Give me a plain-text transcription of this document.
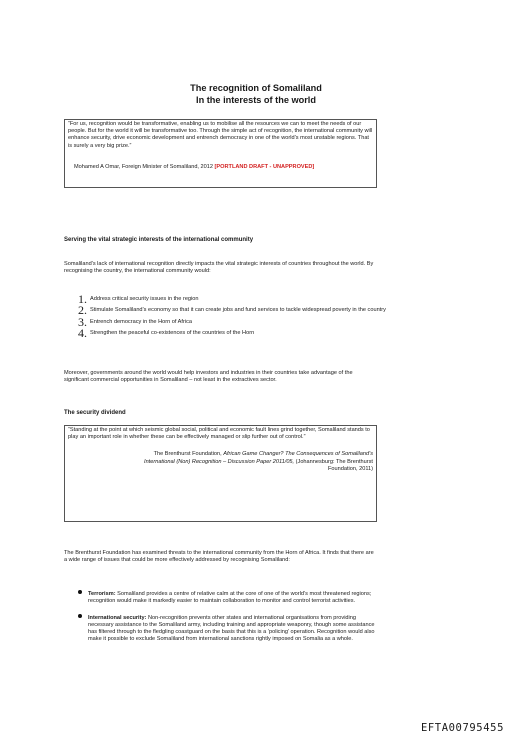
The recognition of Somaliland
In the interests of the world

“For us, recognition would be transformative, enabling us to mobilise all the resources we can to meet the needs of our people. But for the world it will be transformative too. Through the simple act of recognition, the international community will enhance security, drive economic development and entrench democracy in one of the world’s most unstable regions. That is surely a very big prize.”

Mohamed A Omar, Foreign Minister of Somaliland, 2012 [PORTLAND DRAFT - UNAPPROVED]

Serving the vital strategic interests of the international community
Somaliland’s lack of international recognition directly impacts the vital strategic interests of countries throughout the world. By recognising the country, the international community would:
1. Address critical security issues in the region
2. Stimulate Somaliland’s economy so that it can create jobs and fund services to tackle widespread poverty in the country
3. Entrench democracy in the Horn of Africa
4. Strengthen the peaceful co-existences of the countries of the Horn
Moreover, governments around the world would help investors and industries in their countries take advantage of the significant commercial opportunities in Somaliland – not least in the extractives sector.
The security dividend

“Standing at the point at which seismic global social, political and economic fault lines grind together, Somaliland stands to play an important role in whether these can be effectively managed or slip further out of control.”

The Brenthurst Foundation, African Game Changer? The Consequences of Somaliland’s
International (Non) Recognition – Discussion Paper 2011/05, (Johannesburg: The Brenthurst
Foundation, 2011)
The Brenthurst Foundation has examined threats to the international community from the Horn of Africa. It finds that there are a wide range of issues that could be more effectively addressed by recognising Somaliland:
Terrorism: Somaliland provides a centre of relative calm at the core of one of the world’s most threatened regions; recognition would make it markedly easier to maintain collaboration to monitor and control terrorist activities.
International security: Non-recognition prevents other states and international organisations from providing necessary assistance to the Somaliland army, including training and appropriate weaponry, though some assistance has filtered through to the fledgling coastguard on the basis that this is a ‘policing’ operation. Recognition would also make it possible to exclude Somaliland from international sanctions rightly imposed on Somalia as a whole.
EFTA00795455
